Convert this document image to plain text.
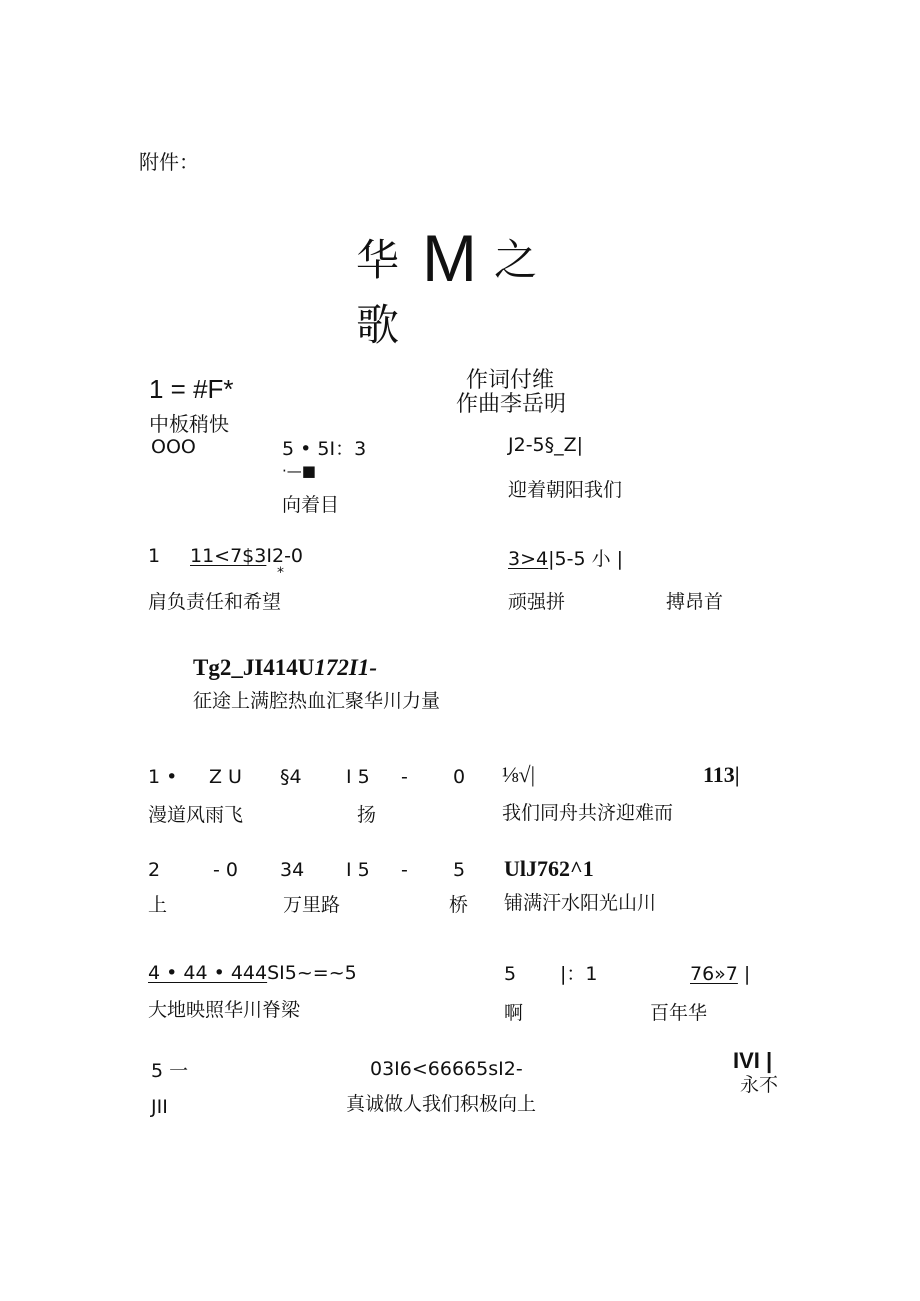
附件：
华 M 之
歌
1 = #F*
中板稍快
作词付维
作曲李岳明
OOO	5 • 5I：3
·—■
向着目
J2-5§_Z|
迎着朝阳我们
1 11<7$3I2-0
*
肩负责任和希望
3>4|5-5 小 |
顽强拼	搏昂首
Tg2_JI414U172I1-
征途上满腔热血汇聚华川力量
1 • Z U §4 I 5 - 0
漫道风雨飞	扬
⅛√|	113|
我们同舟共济迎难而
2	- 0 34 I 5 - 5
上	万里路	桥
UlJ762^1
铺满汗水阳光山川
4 • 44 • 444SI5~=~5
大地映照华川脊梁
5 |：1	76»7 |
啊	百年华
5 一	03I6<66665sI2-	IVI |
JII	真诚做人我们积极向上
永不
